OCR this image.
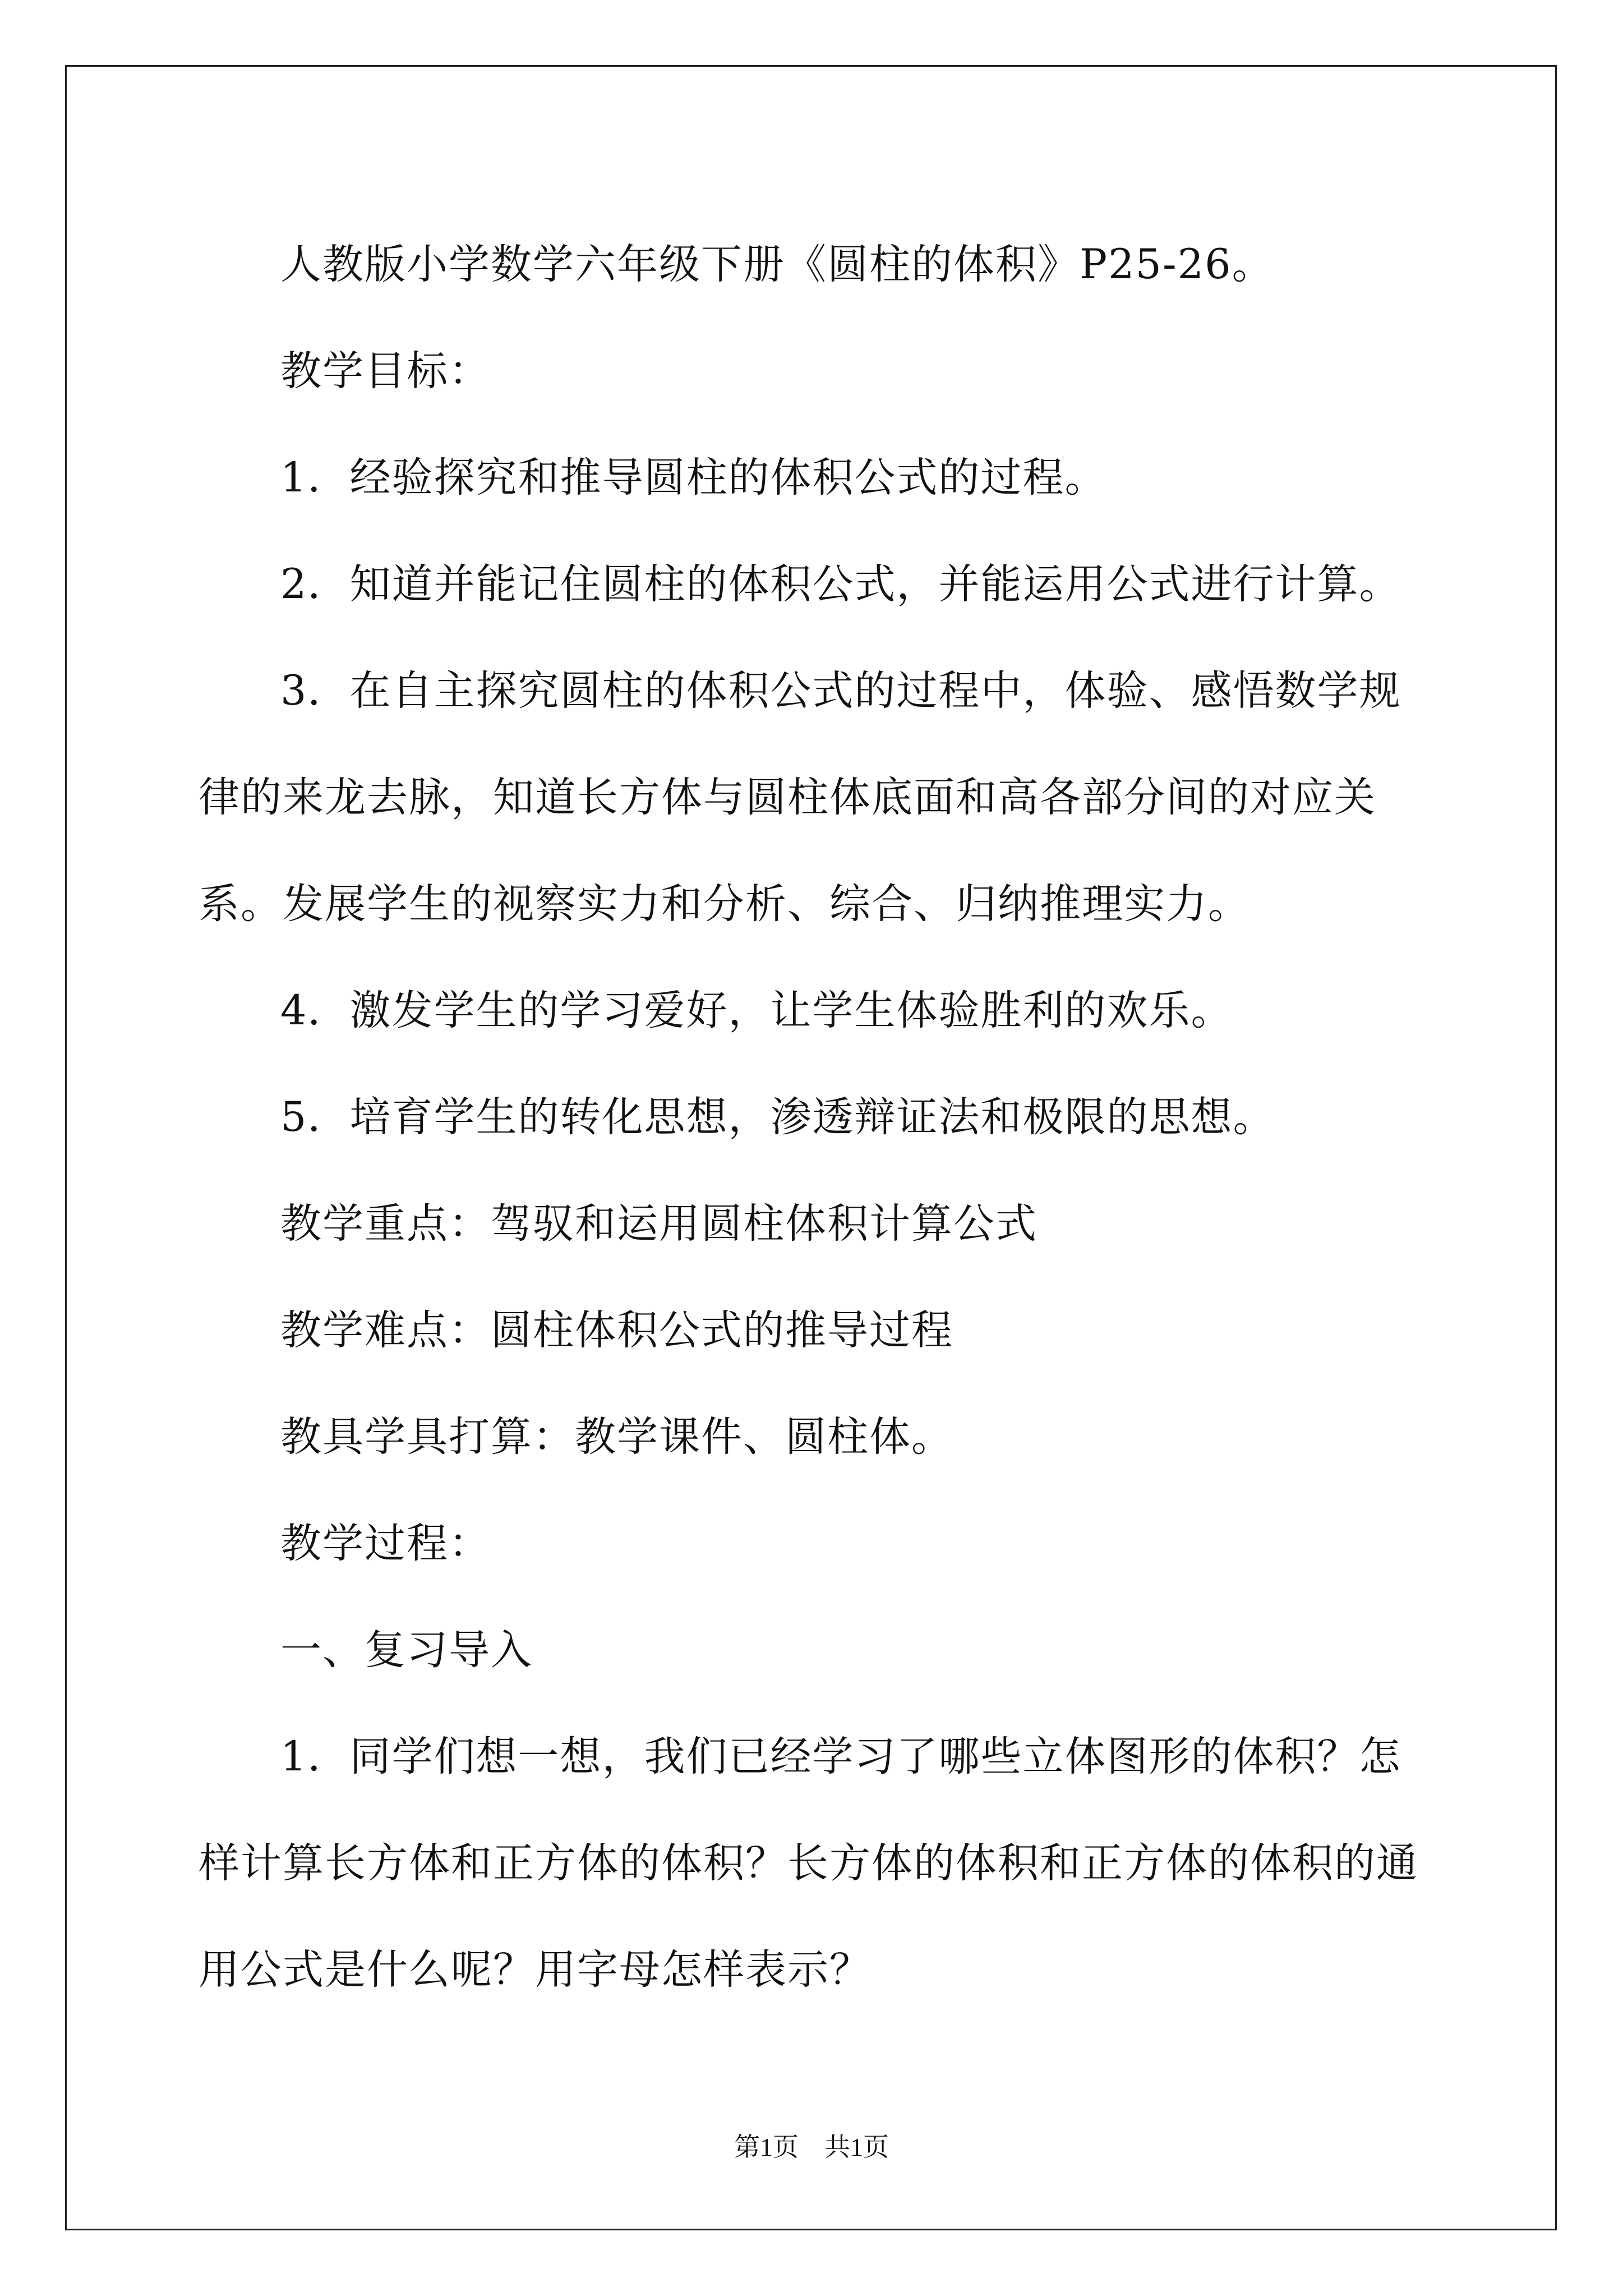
人教版小学数学六年级下册《圆柱的体积》P25-26。

教学目标：

1．经验探究和推导圆柱的体积公式的过程。

2．知道并能记住圆柱的体积公式，并能运用公式进行计算。

3．在自主探究圆柱的体积公式的过程中，体验、感悟数学规律的来龙去脉，知道长方体与圆柱体底面和高各部分间的对应关系。发展学生的视察实力和分析、综合、归纳推理实力。

4．激发学生的学习爱好，让学生体验胜利的欢乐。

5．培育学生的转化思想，渗透辩证法和极限的思想。

教学重点：驾驭和运用圆柱体积计算公式

教学难点：圆柱体积公式的推导过程

教具学具打算：教学课件、圆柱体。

教学过程：

一、复习导入

1．同学们想一想，我们已经学习了哪些立体图形的体积？怎样计算长方体和正方体的体积？长方体的体积和正方体的体积的通用公式是什么呢？用字母怎样表示？

第1页　共1页
